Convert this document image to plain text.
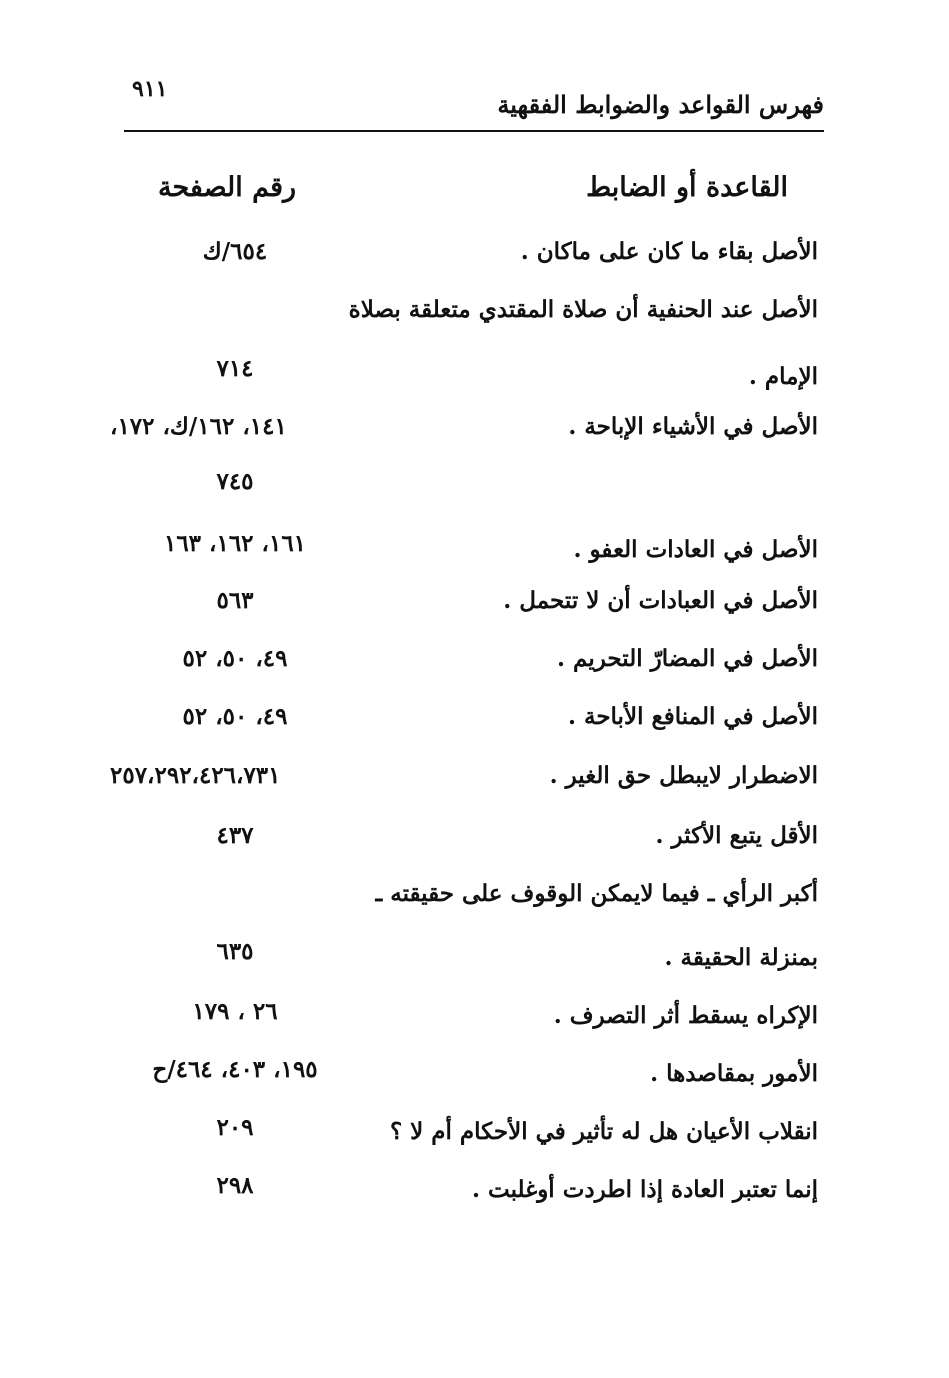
٩١١
فهرس القواعد والضوابط الفقهية
القاعدة أو الضابط
رقم الصفحة
الأصل بقاء ما كان على ماكان .
٦٥٤/ك
الأصل عند الحنفية أن صلاة المقتدي متعلقة بصلاة
الإمام .
٧١٤
الأصل في الأشياء الإباحة .
١٤١، ١٦٢/ك، ١٧٢،
٧٤٥
الأصل في العادات العفو .
١٦١، ١٦٢، ١٦٣
الأصل في العبادات أن لا تتحمل .
٥٦٣
الأصل في المضارّ التحريم .
٤٩، ٥٠، ٥٢
الأصل في المنافع الأباحة .
٤٩، ٥٠، ٥٢
الاضطرار لايبطل حق الغير .
٢٥٧،٢٩٢،٤٢٦،٧٣١
الأقل يتبع الأكثر .
٤٣٧
أكبر الرأي ـ فيما لايمكن الوقوف على حقيقته ـ
بمنزلة الحقيقة .
٦٣٥
الإكراه يسقط أثر التصرف .
٢٦ ، ١٧٩
الأمور بمقاصدها .
١٩٥، ٤٠٣، ٤٦٤/ح
انقلاب الأعيان هل له تأثير في الأحكام أم لا ؟
٢٠٩
إنما تعتبر العادة إذا اطردت أوغلبت .
٢٩٨
